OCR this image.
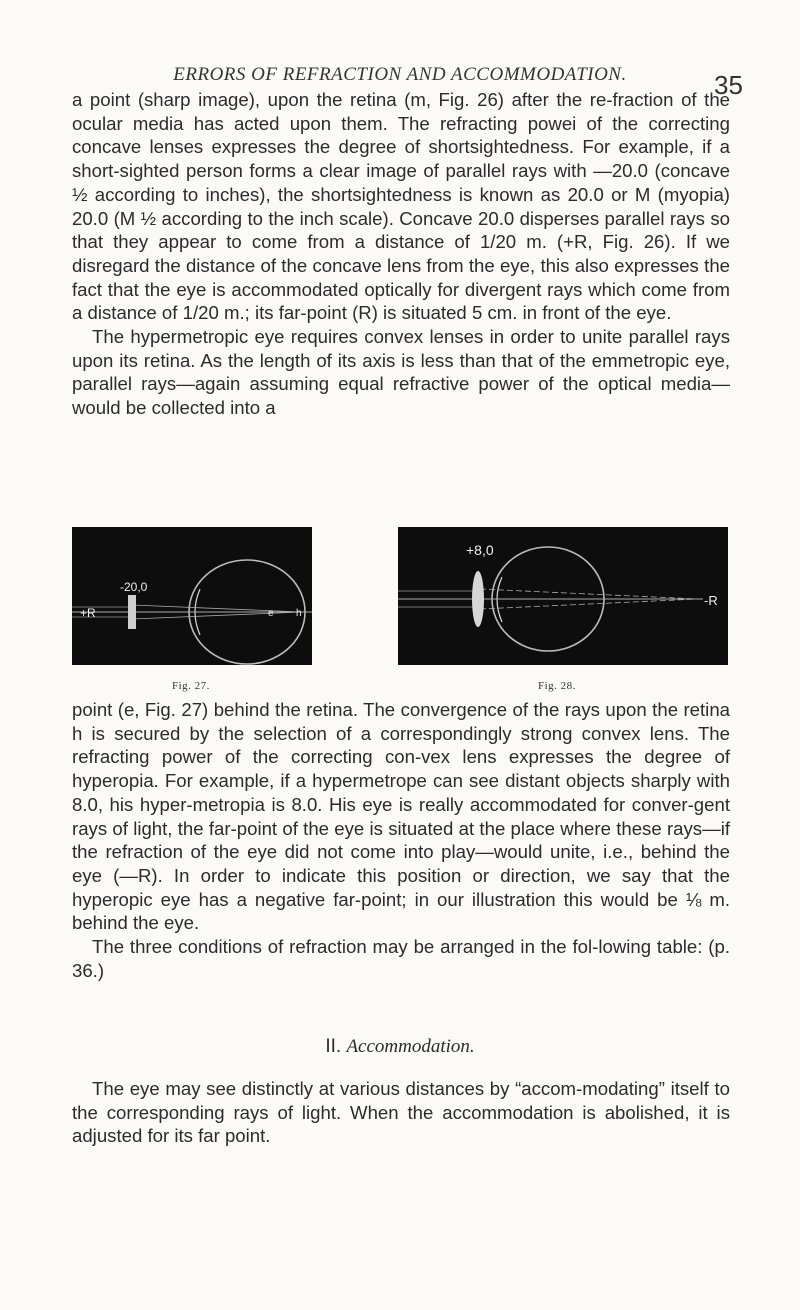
ERRORS OF REFRACTION AND ACCOMMODATION.	35

a point (sharp image), upon the retina (m, Fig. 26) after the re-fraction of the ocular media has acted upon them. The refracting powei of the correcting concave lenses expresses the degree of shortsightedness. For example, if a short-sighted person forms a clear image of parallel rays with —20.0 (concave ½ according to inches), the shortsightedness is known as 20.0 or M (myopia) 20.0 (M ½ according to the inch scale). Concave 20.0 disperses parallel rays so that they appear to come from a distance of 1/20 m. (+R, Fig. 26). If we disregard the distance of the concave lens from the eye, this also expresses the fact that the eye is accommodated optically for divergent rays which come from a distance of 1/20 m.; its far-point (R) is situated 5 cm. in front of the eye.

The hypermetropic eye requires convex lenses in order to unite parallel rays upon its retina. As the length of its axis is less than that of the emmetropic eye, parallel rays—again assuming equal refractive power of the optical media—would be collected into a

-20,0
+R	e h
+8,0
-R
Fig. 27.	Fig. 28.

point (e, Fig. 27) behind the retina. The convergence of the rays upon the retina h is secured by the selection of a correspondingly strong convex lens. The refracting power of the correcting con-vex lens expresses the degree of hyperopia. For example, if a hypermetrope can see distant objects sharply with 8.0, his hyper-metropia is 8.0. His eye is really accommodated for conver-gent rays of light, the far-point of the eye is situated at the place where these rays—if the refraction of the eye did not come into play—would unite, i.e., behind the eye (—R). In order to indicate this position or direction, we say that the hyperopic eye has a negative far-point; in our illustration this would be ⅛ m. behind the eye.

The three conditions of refraction may be arranged in the fol-lowing table: (p. 36.)

II. Accommodation.

The eye may see distinctly at various distances by “accom-modating” itself to the corresponding rays of light. When the accommodation is abolished, it is adjusted for its far point.
